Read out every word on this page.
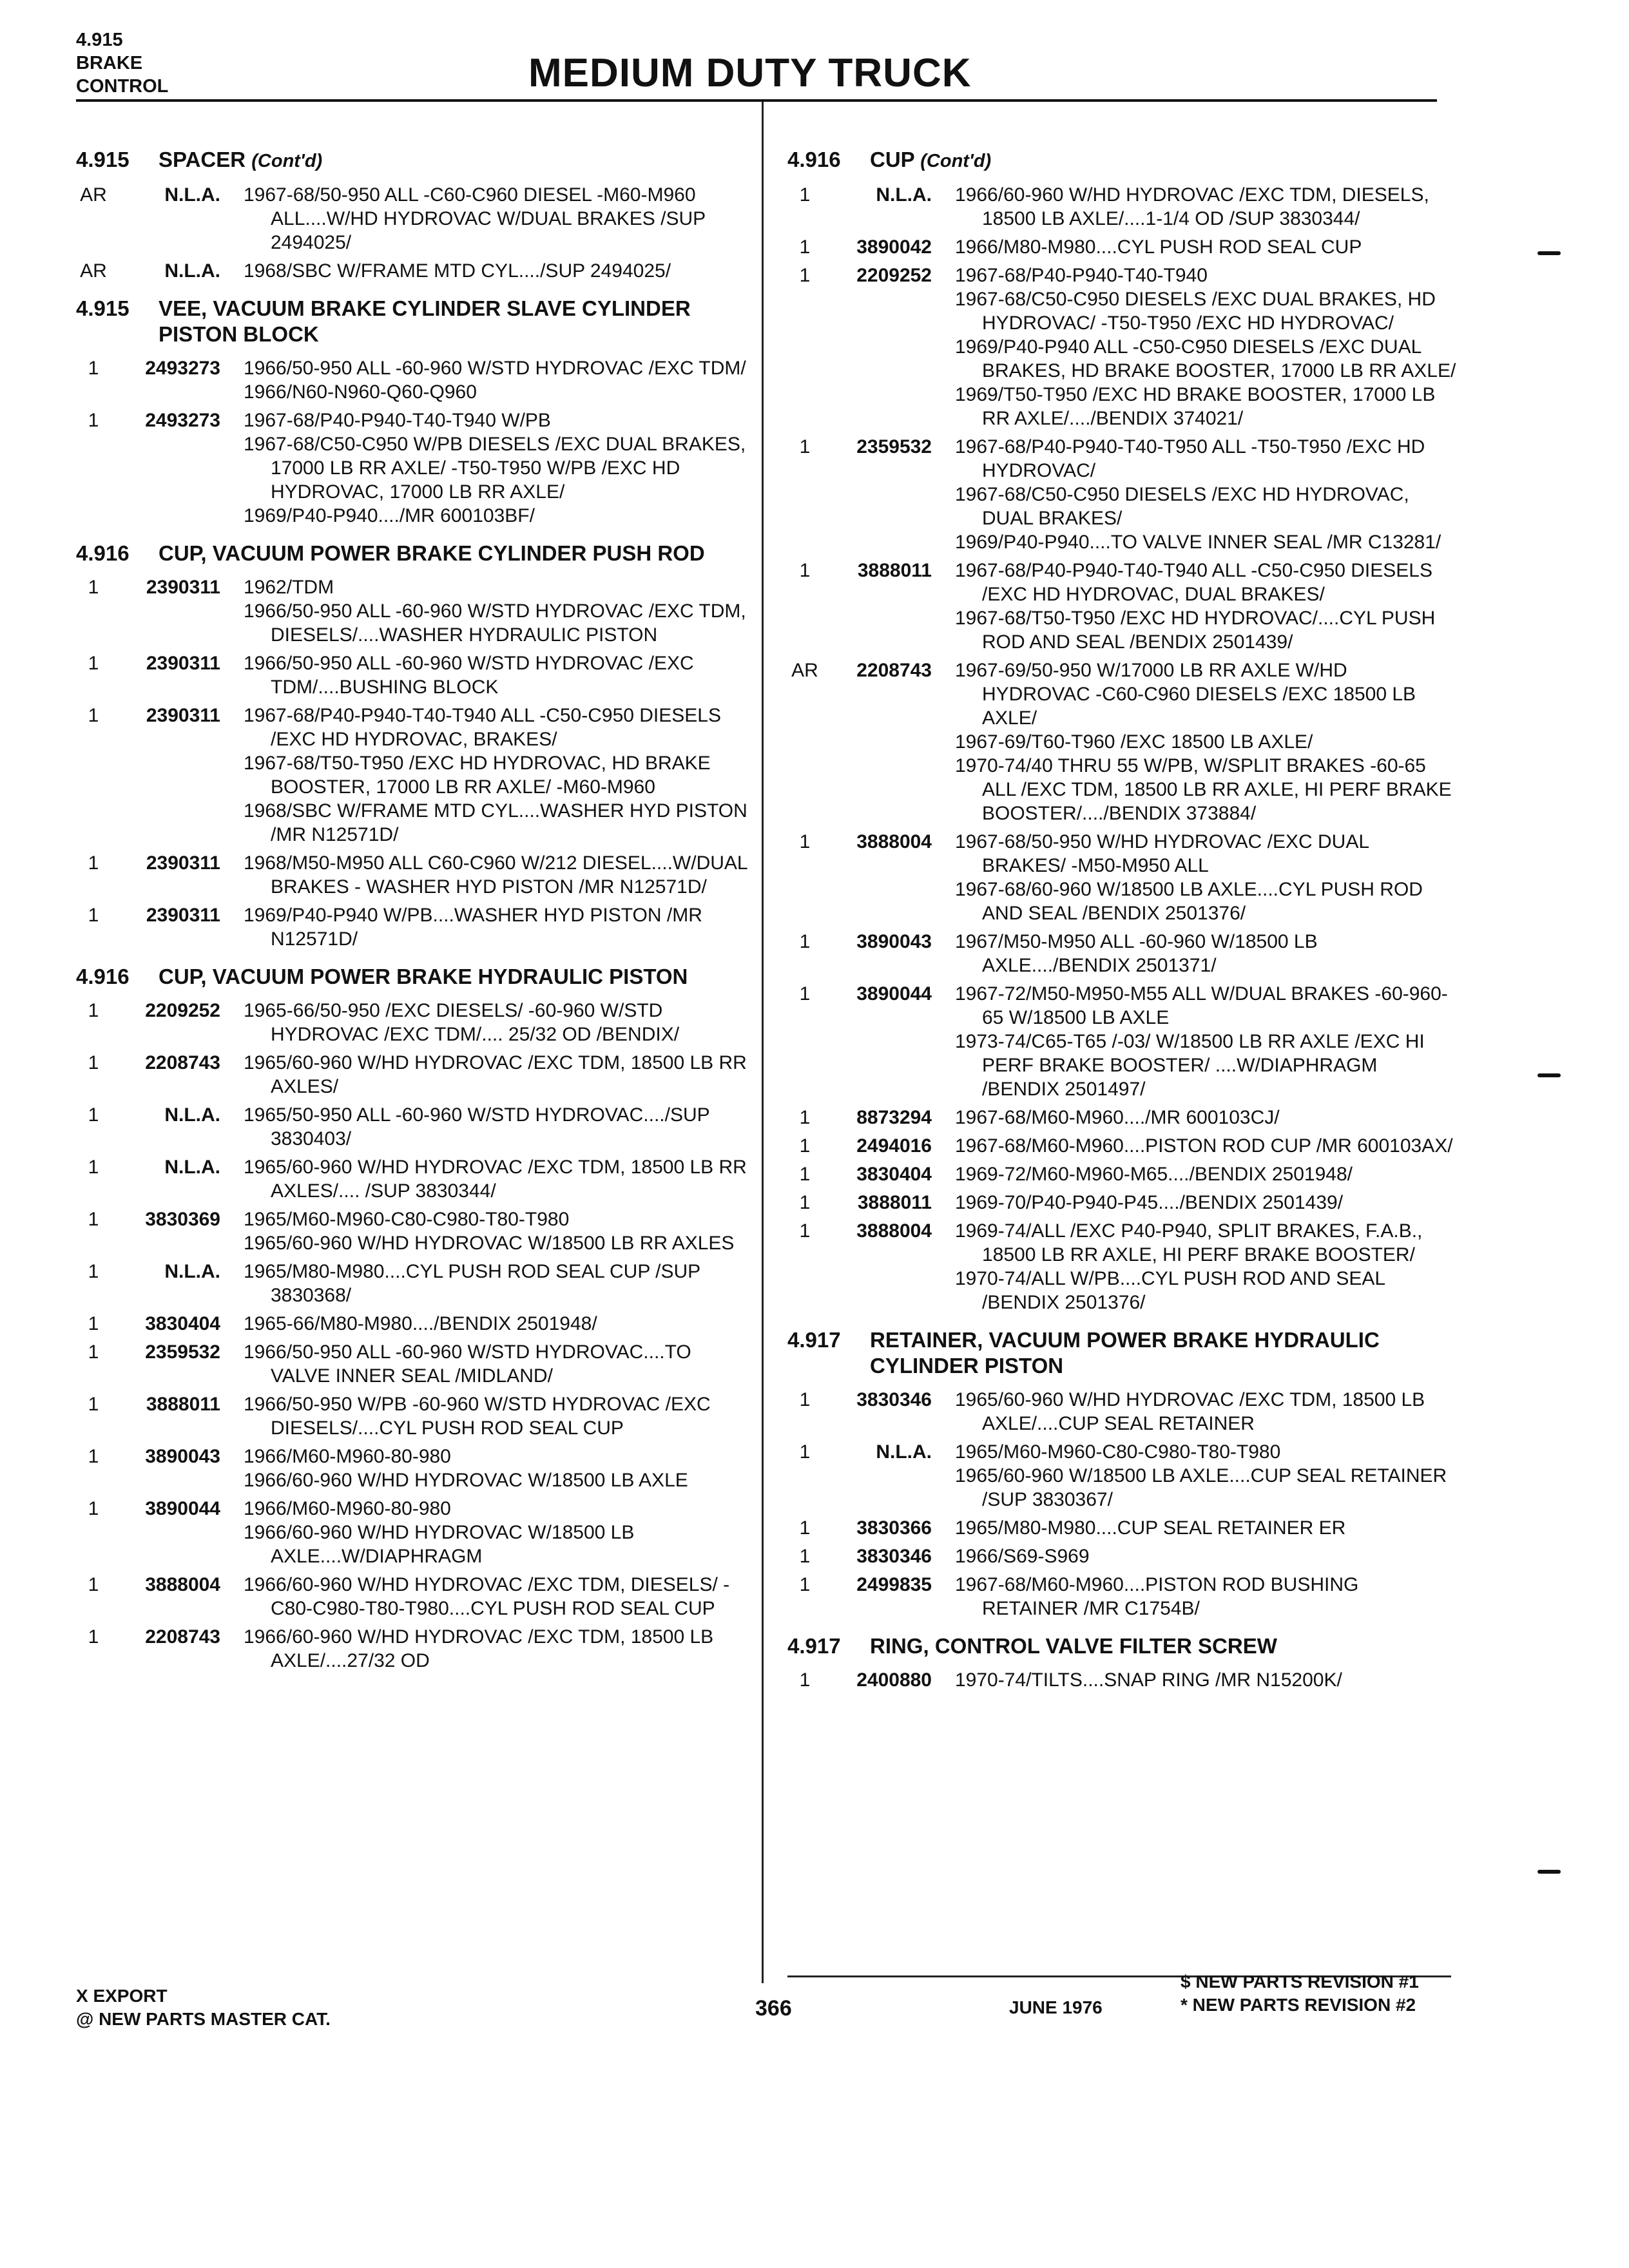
4.915
BRAKE
CONTROL	MEDIUM DUTY TRUCK
4.915	SPACER (Cont'd)
AR	N.L.A.	1967-68/50-950 ALL -C60-C960 DIESEL -M60-M960 ALL....W/HD HYDROVAC W/DUAL BRAKES /SUP 2494025/
AR	N.L.A.	1968/SBC W/FRAME MTD CYL..../SUP 2494025/
4.915	VEE, VACUUM BRAKE CYLINDER SLAVE CYLINDER PISTON BLOCK
1	2493273	1966/50-950 ALL -60-960 W/STD HYDROVAC /EXC TDM/
1966/N60-N960-Q60-Q960
1	2493273	1967-68/P40-P940-T40-T940 W/PB
1967-68/C50-C950 W/PB DIESELS /EXC DUAL BRAKES, 17000 LB RR AXLE/ -T50-T950 W/PB /EXC HD HYDROVAC, 17000 LB RR AXLE/
1969/P40-P940..../MR 600103BF/
4.916	CUP, VACUUM POWER BRAKE CYLINDER PUSH ROD
1	2390311	1962/TDM
1966/50-950 ALL -60-960 W/STD HYDROVAC /EXC TDM, DIESELS/....WASHER HYDRAULIC PISTON
1	2390311	1966/50-950 ALL -60-960 W/STD HYDROVAC /EXC TDM/....BUSHING BLOCK
1	2390311	1967-68/P40-P940-T40-T940 ALL -C50-C950 DIESELS /EXC HD HYDROVAC, BRAKES/
1967-68/T50-T950 /EXC HD HYDROVAC, HD BRAKE BOOSTER, 17000 LB RR AXLE/ -M60-M960
1968/SBC W/FRAME MTD CYL....WASHER HYD PISTON /MR N12571D/
1	2390311	1968/M50-M950 ALL C60-C960 W/212 DIESEL....W/DUAL BRAKES - WASHER HYD PISTON /MR N12571D/
1	2390311	1969/P40-P940 W/PB....WASHER HYD PISTON /MR N12571D/
4.916	CUP, VACUUM POWER BRAKE HYDRAULIC PISTON
1	2209252	1965-66/50-950 /EXC DIESELS/ -60-960 W/STD HYDROVAC /EXC TDM/.... 25/32 OD /BENDIX/
1	2208743	1965/60-960 W/HD HYDROVAC /EXC TDM, 18500 LB RR AXLES/
1	N.L.A.	1965/50-950 ALL -60-960 W/STD HYDROVAC..../SUP 3830403/
1	N.L.A.	1965/60-960 W/HD HYDROVAC /EXC TDM, 18500 LB RR AXLES/.... /SUP 3830344/
1	3830369	1965/M60-M960-C80-C980-T80-T980
1965/60-960 W/HD HYDROVAC W/18500 LB RR AXLES
1	N.L.A.	1965/M80-M980....CYL PUSH ROD SEAL CUP /SUP 3830368/
1	3830404	1965-66/M80-M980..../BENDIX 2501948/
1	2359532	1966/50-950 ALL -60-960 W/STD HYDROVAC....TO VALVE INNER SEAL /MIDLAND/
1	3888011	1966/50-950 W/PB -60-960 W/STD HYDROVAC /EXC DIESELS/....CYL PUSH ROD SEAL CUP
1	3890043	1966/M60-M960-80-980
1966/60-960 W/HD HYDROVAC W/18500 LB AXLE
1	3890044	1966/M60-M960-80-980
1966/60-960 W/HD HYDROVAC W/18500 LB AXLE....W/DIAPHRAGM
1	3888004	1966/60-960 W/HD HYDROVAC /EXC TDM, DIESELS/ -C80-C980-T80-T980....CYL PUSH ROD SEAL CUP
1	2208743	1966/60-960 W/HD HYDROVAC /EXC TDM, 18500 LB AXLE/....27/32 OD
4.916	CUP (Cont'd)
1	N.L.A.	1966/60-960 W/HD HYDROVAC /EXC TDM, DIESELS, 18500 LB AXLE/....1-1/4 OD /SUP 3830344/
1	3890042	1966/M80-M980....CYL PUSH ROD SEAL CUP
1	2209252	1967-68/P40-P940-T40-T940
1967-68/C50-C950 DIESELS /EXC DUAL BRAKES, HD HYDROVAC/ -T50-T950 /EXC HD HYDROVAC/
1969/P40-P940 ALL -C50-C950 DIESELS /EXC DUAL BRAKES, HD BRAKE BOOSTER, 17000 LB RR AXLE/
1969/T50-T950 /EXC HD BRAKE BOOSTER, 17000 LB RR AXLE/..../BENDIX 374021/
1	2359532	1967-68/P40-P940-T40-T950 ALL -T50-T950 /EXC HD HYDROVAC/
1967-68/C50-C950 DIESELS /EXC HD HYDROVAC, DUAL BRAKES/
1969/P40-P940....TO VALVE INNER SEAL /MR C13281/
1	3888011	1967-68/P40-P940-T40-T940 ALL -C50-C950 DIESELS /EXC HD HYDROVAC, DUAL BRAKES/
1967-68/T50-T950 /EXC HD HYDROVAC/....CYL PUSH ROD AND SEAL /BENDIX 2501439/
AR	2208743	1967-69/50-950 W/17000 LB RR AXLE W/HD HYDROVAC -C60-C960 DIESELS /EXC 18500 LB AXLE/
1967-69/T60-T960 /EXC 18500 LB AXLE/
1970-74/40 THRU 55 W/PB, W/SPLIT BRAKES -60-65 ALL /EXC TDM, 18500 LB RR AXLE, HI PERF BRAKE BOOSTER/..../BENDIX 373884/
1	3888004	1967-68/50-950 W/HD HYDROVAC /EXC DUAL BRAKES/ -M50-M950 ALL
1967-68/60-960 W/18500 LB AXLE....CYL PUSH ROD AND SEAL /BENDIX 2501376/
1	3890043	1967/M50-M950 ALL -60-960 W/18500 LB AXLE..../BENDIX 2501371/
1	3890044	1967-72/M50-M950-M55 ALL W/DUAL BRAKES -60-960-65 W/18500 LB AXLE
1973-74/C65-T65 /-03/ W/18500 LB RR AXLE /EXC HI PERF BRAKE BOOSTER/ ....W/DIAPHRAGM /BENDIX 2501497/
1	8873294	1967-68/M60-M960..../MR 600103CJ/
1	2494016	1967-68/M60-M960....PISTON ROD CUP /MR 600103AX/
1	3830404	1969-72/M60-M960-M65..../BENDIX 2501948/
1	3888011	1969-70/P40-P940-P45..../BENDIX 2501439/
1	3888004	1969-74/ALL /EXC P40-P940, SPLIT BRAKES, F.A.B., 18500 LB RR AXLE, HI PERF BRAKE BOOSTER/
1970-74/ALL W/PB....CYL PUSH ROD AND SEAL /BENDIX 2501376/
4.917	RETAINER, VACUUM POWER BRAKE HYDRAULIC CYLINDER PISTON
1	3830346	1965/60-960 W/HD HYDROVAC /EXC TDM, 18500 LB AXLE/....CUP SEAL RETAINER
1	N.L.A.	1965/M60-M960-C80-C980-T80-T980
1965/60-960 W/18500 LB AXLE....CUP SEAL RETAINER /SUP 3830367/
1	3830366	1965/M80-M980....CUP SEAL RETAINER ER
1	3830346	1966/S69-S969
1	2499835	1967-68/M60-M960....PISTON ROD BUSHING RETAINER /MR C1754B/
4.917	RING, CONTROL VALVE FILTER SCREW
1	2400880	1970-74/TILTS....SNAP RING /MR N15200K/
X EXPORT
@ NEW PARTS MASTER CAT.	366	JUNE 1976
$ NEW PARTS REVISION #1
* NEW PARTS REVISION #2
